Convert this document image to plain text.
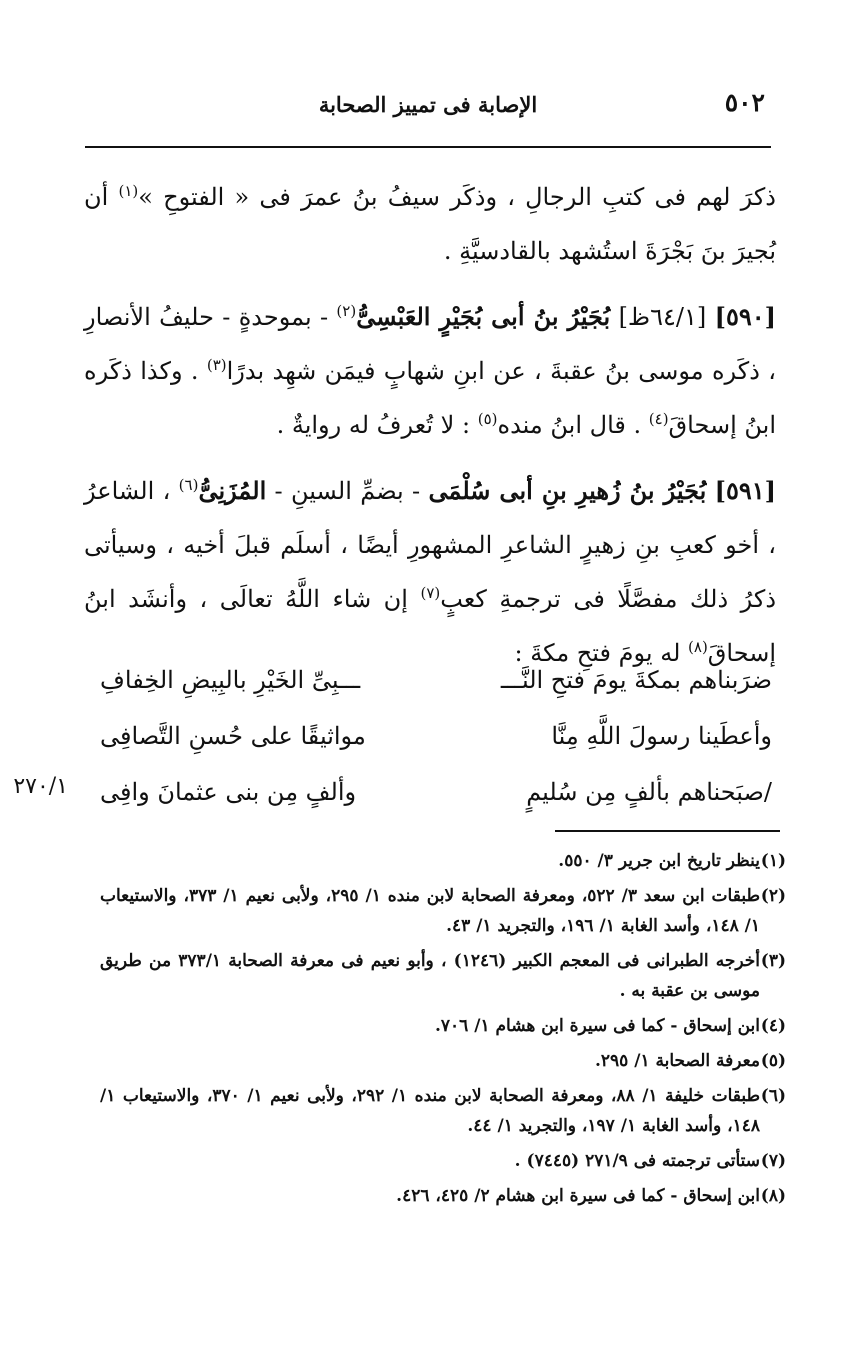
٥٠٢
الإصابة فى تمييز الصحابة

ذكرَ لهم فى كتبِ الرجالِ ، وذكَر سيفُ بنُ عمرَ فى « الفتوحِ »$^{(١)}$ أن بُجيرَ بنَ بَجْرَةَ استُشهد بالقادسيَّةِ .

[٥٩٠] [٦٤/١ظ] بُجَيْرُ بنُ أبى بُجَيْرٍ العَبْسِىُّ$^{(٢)}$ - بموحدةٍ - حليفُ الأنصارِ ، ذكَره موسى بنُ عقبةَ ، عن ابنِ شهابٍ فيمَن شهِد بدرًا$^{(٣)}$ . وكذا ذكَره ابنُ إسحاقَ$^{(٤)}$ . قال ابنُ منده$^{(٥)}$ : لا تُعرفُ له روايةٌ .

[٥٩١] بُجَيْرُ بنُ زُهيرِ بنِ أبى سُلْمَى - بضمِّ السينِ - المُزَنِىُّ$^{(٦)}$ ، الشاعرُ ، أخو كعبِ بنِ زهيرٍ الشاعرِ المشهورِ أيضًا ، أسلَم قبلَ أخيه ، وسيأتى ذكرُ ذلك مفصَّلًا فى ترجمةِ كعبٍ$^{(٧)}$ إن شاء اللَّهُ تعالَى ، وأنشَد ابنُ إسحاقَ$^{(٨)}$ له يومَ فتحِ مكةَ :

ضرَبناهم بمكةَ يومَ فتحِ النَّـــ
ـــبِىِّ الخَيْرِ بالبِيضِ الخِفافِ
وأعطَينا رسولَ اللَّهِ مِنَّا
مواثيقًا على حُسنِ التَّصافِى
/صبَحناهم بألفٍ مِن سُليمٍ
وألفٍ مِن بنى عثمانَ وافِى
٢٧٠/١
(١)
ينظر تاريخ ابن جرير ٣/ ٥٥٠.
(٢)
طبقات ابن سعد ٣/ ٥٢٢، ومعرفة الصحابة لابن منده ١/ ٢٩٥، ولأبى نعيم ١/ ٣٧٣، والاستيعاب ١/ ١٤٨، وأسد الغابة ١/ ١٩٦، والتجريد ١/ ٤٣.
(٣)
أخرجه الطبرانى فى المعجم الكبير (١٢٤٦) ، وأبو نعيم فى معرفة الصحابة ٣٧٣/١ من طريق موسى بن عقبة به .
(٤)
ابن إسحاق - كما فى سيرة ابن هشام ١/ ٧٠٦.
(٥)
معرفة الصحابة ١/ ٢٩٥.
(٦)
طبقات خليفة ١/ ٨٨، ومعرفة الصحابة لابن منده ١/ ٢٩٢، ولأبى نعيم ١/ ٣٧٠، والاستيعاب ١/ ١٤٨، وأسد الغابة ١/ ١٩٧، والتجريد ١/ ٤٤.
(٧)
ستأتى ترجمته فى ٢٧١/٩ (٧٤٤٥) .
(٨)
ابن إسحاق - كما فى سيرة ابن هشام ٢/ ٤٢٥، ٤٢٦.
